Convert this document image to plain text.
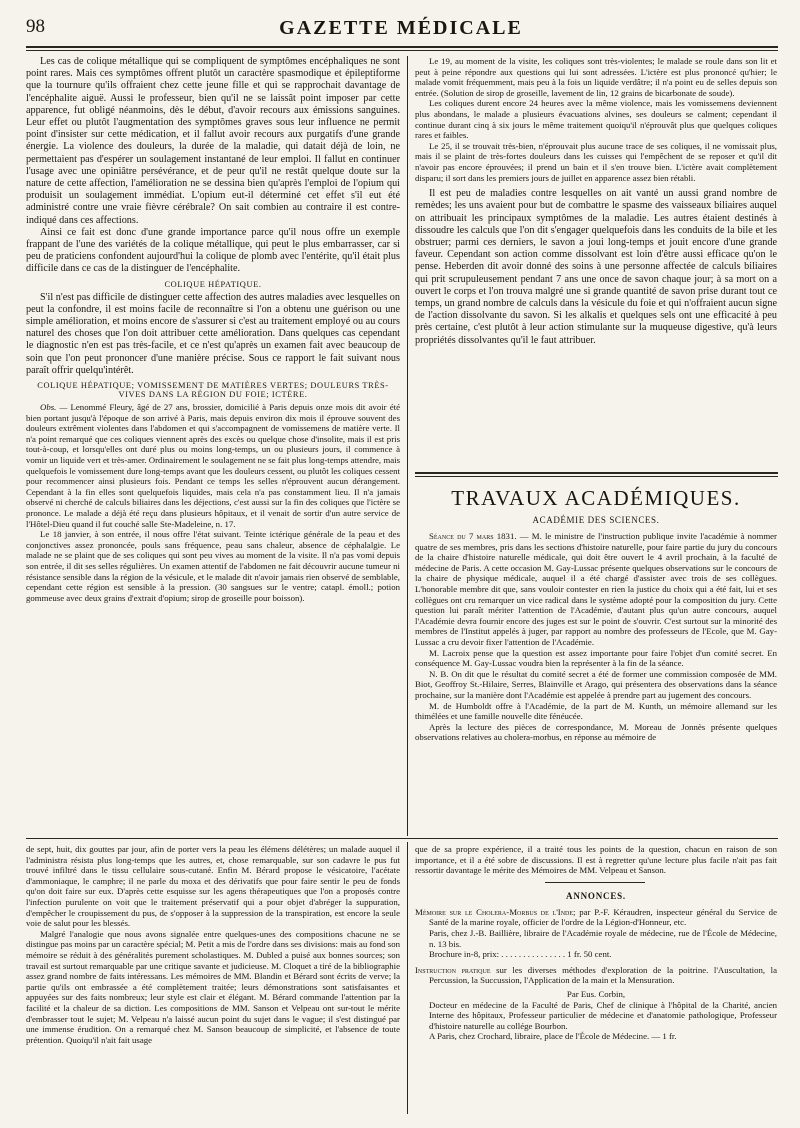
98	GAZETTE MÉDICALE

Les cas de colique métallique qui se compliquent de symptômes encéphaliques ne sont point rares. Mais ces symptômes offrent plutôt un caractère spasmodique et épileptiforme que la tournure qu'ils offraient chez cette jeune fille et qui se rapprochait davantage de l'encéphalite aiguë. Aussi le professeur, bien qu'il ne se laissât point imposer par cette apparence, fut obligé néanmoins, dès le début, d'avoir recours aux émissions sanguines. Leur effet ou plutôt l'augmentation des symptômes graves sous leur influence ne permit point d'insister sur cette médication, et il fallut avoir recours aux purgatifs d'une grande énergie. La violence des douleurs, la durée de la maladie, qui datait déjà de loin, ne permettaient pas d'espérer un soulagement instantané de leur emploi. Il fallut en continuer l'usage avec une opiniâtre persévérance, et de peur qu'il ne restât quelque doute sur la nature de cette affection, l'amélioration ne se dessina bien qu'après l'emploi de l'opium qui produisit un soulagement immédiat. L'opium eut-il déterminé cet effet s'il eut été administré contre une vraie fièvre cérébrale? On sait combien au contraire il est contre-indiqué dans ces affections.

Ainsi ce fait est donc d'une grande importance parce qu'il nous offre un exemple frappant de l'une des variétés de la colique métallique, qui peut le plus embarrasser, car si peu de praticiens confondent aujourd'hui la colique de plomb avec l'entérite, qu'il était plus difficile dans ce cas de la distinguer de l'encéphalite.

COLIQUE HÉPATIQUE.

S'il n'est pas difficile de distinguer cette affection des autres maladies avec lesquelles on peut la confondre, il est moins facile de reconnaître si l'on a obtenu une guérison ou une simple amélioration, et moins encore de s'assurer si c'est au traitement employé ou au cours naturel des choses que l'on doit attribuer cette amélioration. Dans quelques cas cependant le diagnostic n'en est pas très-facile, et ce n'est qu'après un examen fait avec beaucoup de soin que l'on peut prononcer d'une manière précise. Sous ce rapport le fait suivant nous paraît offrir quelqu'intérêt.

COLIQUE HÉPATIQUE; VOMISSEMENT DE MATIÈRES VERTES; DOULEURS TRÈS-VIVES DANS LA RÉGION DU FOIE; ICTÈRE.

Obs. — Lenommé Fleury, âgé de 27 ans, brossier, domicilié à Paris depuis onze mois dit avoir été bien portant jusqu'à l'époque de son arrivé à Paris, mais depuis environ dix mois il éprouve souvent des douleurs extrêment violentes dans l'abdomen et qui s'accompagnent de vomissemens de matière verte. Il n'a point remarqué que ces coliques viennent après des excès ou quelque chose d'insolite, mais il est pris tout-à-coup, et lorsqu'elles ont duré plus ou moins long-temps, un ou plusieurs jours, il commence à vomir un liquide vert et très-amer. Ordinairement le soulagement ne se fait plus long-temps attendre, mais quelquefois le vomissement dure long-temps avant que les douleurs cessent, ou plutôt les coliques cessent pour recommencer ainsi plusieurs fois. Pendant ce temps les selles n'éprouvent aucun dérangement. Cependant à la fin elles sont quelquefois liquides, mais cela n'a pas constamment lieu. Il n'a jamais observé ni cherché de calculs biliaires dans les déjections, c'est aussi sur la fin des coliques que l'ictère se prononce. Le malade a déjà été reçu dans plusieurs hôpitaux, et il venait de sortir d'un autre service de l'Hôtel-Dieu quand il fut couché salle Ste-Madeleine, n. 17.

Le 18 janvier, à son entrée, il nous offre l'état suivant. Teinte ictérique générale de la peau et des conjonctives assez prononcée, pouls sans fréquence, peau sans chaleur, absence de céphalalgie. Le malade ne se plaint que de ses coliques qui sont peu vives au moment de la visite. Il n'a pas vomi depuis son entrée, il dit ses selles régulières. Un examen attentif de l'abdomen ne fait découvrir aucune tumeur ni résistance sensible dans la région de la vésicule, et le malade dit n'avoir jamais rien observé de semblable, cependant cette région est sensible à la pression. (30 sangsues sur le ventre; catapl. émoll.; potion gommeuse avec deux grains d'extrait d'opium; sirop de groseille pour boisson).

Le 19, au moment de la visite, les coliques sont très-violentes; le malade se roule dans son lit et peut à peine répondre aux questions qui lui sont adressées. L'ictère est plus prononcé qu'hier; le malade vomit fréquemment, mais peu à la fois un liquide verdâtre; il n'a point eu de selles depuis son entrée. (Solution de sirop de groseille, lavement de lin, 12 grains de bicarbonate de soude).

Les coliques durent encore 24 heures avec la même violence, mais les vomissemens deviennent plus abondans, le malade a plusieurs évacuations alvines, ses douleurs se calment; cependant il continue durant cinq à six jours le même traitement quoiqu'il n'éprouvât plus que quelques coliques rares et faibles.

Le 25, il se trouvait très-bien, n'éprouvait plus aucune trace de ses coliques, il ne vomissait plus, mais il se plaint de très-fortes douleurs dans les cuisses qui l'empêchent de se reposer et qu'il dit n'avoir pas encore éprouvées; il prend un bain et il s'en trouve bien. L'ictère avait complètement disparu; il sort dans les premiers jours de juillet en apparence assez bien rétabli.

Il est peu de maladies contre lesquelles on ait vanté un aussi grand nombre de remèdes; les uns avaient pour but de combattre le spasme des vaisseaux biliaires auquel on attribuait les principaux symptômes de la maladie. Les autres étaient destinés à dissoudre les calculs que l'on dit s'engager quelquefois dans les conduits de la bile et les obstruer; parmi ces derniers, le savon a joui long-temps et jouit encore d'une grande faveur. Cependant son action comme dissolvant est loin d'être aussi efficace qu'on le pense. Heberden dit avoir donné des soins à une personne affectée de calculs biliaires qui prit scrupuleusement pendant 7 ans une once de savon chaque jour; à sa mort on a ouvert le corps et l'on trouva malgré une si grande quantité de savon prise durant tout ce temps, un grand nombre de calculs dans la vésicule du foie et qui n'offraient aucun signe de l'action dissolvante du savon. Si les alkalis et quelques sels ont une efficacité à peu près certaine, c'est plutôt à leur action stimulante sur la muqueuse digestive, qu'à leurs propriétés dissolvantes qu'il le faut attribuer.

TRAVAUX ACADÉMIQUES.

ACADÉMIE DES SCIENCES.

Séance du 7 mars 1831. — M. le ministre de l'instruction publique invite l'académie à nommer quatre de ses membres, pris dans les sections d'histoire naturelle, pour faire partie du jury du concours de la chaire d'histoire naturelle médicale, qui doit être ouvert le 4 avril prochain, à la faculté de médecine de Paris. A cette occasion M. Gay-Lussac présente quelques observations sur le concours de la chaire de physique médicale, auquel il a été chargé d'assister avec trois de ses collègues. L'honorable membre dit que, sans vouloir contester en rien la justice du choix qui a été fait, lui et ses collègues ont cru remarquer un vice radical dans le système adopté pour la composition du jury. Cette question lui paraît mériter l'attention de l'Académie, d'autant plus qu'un autre concours, auquel l'Académie devra fournir encore des juges est sur le point de s'ouvrir. C'est surtout sur la minorité des membres de l'Institut appelés à juger, par rapport au nombre des professeurs de l'Ecole, que M. Gay-Lussac a cru devoir fixer l'attention de l'Académie.

M. Lacroix pense que la question est assez importante pour faire l'objet d'un comité secret. En conséquence M. Gay-Lussac voudra bien la représenter à la fin de la séance.

N. B. On dit que le résultat du comité secret a été de former une commission composée de MM. Biot, Geoffroy St.-Hilaire, Serres, Blainville et Arago, qui présentera des observations dans la séance prochaine, sur la manière dont l'Académie est appelée à prendre part au jugement des concours.

M. de Humboldt offre à l'Académie, de la part de M. Kunth, un mémoire allemand sur les thimélées et une famille nouvelle dite fénéucée.

Après la lecture des pièces de correspondance, M. Moreau de Jonnès présente quelques observations relatives au cholera-morbus, en réponse au mémoire de

de sept, huit, dix gouttes par jour, afin de porter vers la peau les élémens délétères; un malade auquel il l'administra résista plus long-temps que les autres, et, chose remarquable, sur son cadavre le pus fut trouvé infiltré dans le tissu cellulaire sous-cutané. Enfin M. Bérard propose le vésicatoire, l'acétate d'ammoniaque, le camphre; il ne parle du moxa et des dérivatifs que pour faire sentir le peu de fonds qu'on doit faire sur eux. D'après cette esquisse sur les agens thérapeutiques que l'on a proposés contre l'infection purulente on voit que le traitement préservatif qui a pour objet d'abréger la suppuration, d'empêcher le croupissement du pus, de s'opposer à la suppression de la transpiration, est encore la seule voie de salut pour les blessés.

Malgré l'analogie que nous avons signalée entre quelques-unes des compositions chacune ne se distingue pas moins par un caractère spécial; M. Petit a mis de l'ordre dans ses divisions: mais au fond son mémoire se réduit à des généralités purement scholastiques. M. Dubled a puisé aux bonnes sources; son travail est surtout remarquable par une critique savante et judicieuse. M. Cloquet a tiré de la bibliographie assez grand nombre de faits intéressans. Les mémoires de MM. Blandin et Bérard sont écrits de verve; la partie qu'ils ont embrassée a été complètement traitée; leurs démonstrations sont satisfaisantes et appuyées sur des faits nombreux; leur style est clair et élégant. M. Bérard commande l'attention par la facilité et la chaleur de sa diction. Les compositions de MM. Sanson et Velpeau ont sur-tout le mérite d'embrasser tout le sujet; M. Velpeau n'a laissé aucun point du sujet dans le vague; il s'est distingué par une immense érudition. On a remarqué chez M. Sanson beaucoup de simplicité, et l'absence de toute prétention. Quoiqu'il n'ait fait usage

que de sa propre expérience, il a traité tous les points de la question, chacun en raison de son importance, et il a été sobre de discussions. Il est à regretter qu'une lecture plus facile n'ait pas fait ressortir davantage le mérite des Mémoires de MM. Velpeau et Sanson.

ANNONCES.

Mémoire sur le Cholera-Morbus de l'Inde; par P.-F. Kéraudren, inspecteur général du Service de Santé de la marine royale, officier de l'ordre de la Légion-d'Honneur, etc.

Paris, chez J.-B. Baillière, libraire de l'Académie royale de médecine, rue de l'École de Médecine, n. 13 bis.

Brochure in-8, prix: . . . . . . . . . . . . . . . 1 fr. 50 cent.

Instruction pratique sur les diverses méthodes d'exploration de la poitrine. l'Auscultation, la Percussion, la Succussion, l'Application de la main et la Mensuration.

Par Eus. Corbin,

Docteur en médecine de la Faculté de Paris, Chef de clinique à l'hôpital de la Charité, ancien Interne des hôpitaux, Professeur particulier de médecine et d'anatomie pathologique, Professeur d'histoire naturelle au collége Bourbon.

A Paris, chez Crochard, libraire, place de l'École de Médecine. — 1 fr.
